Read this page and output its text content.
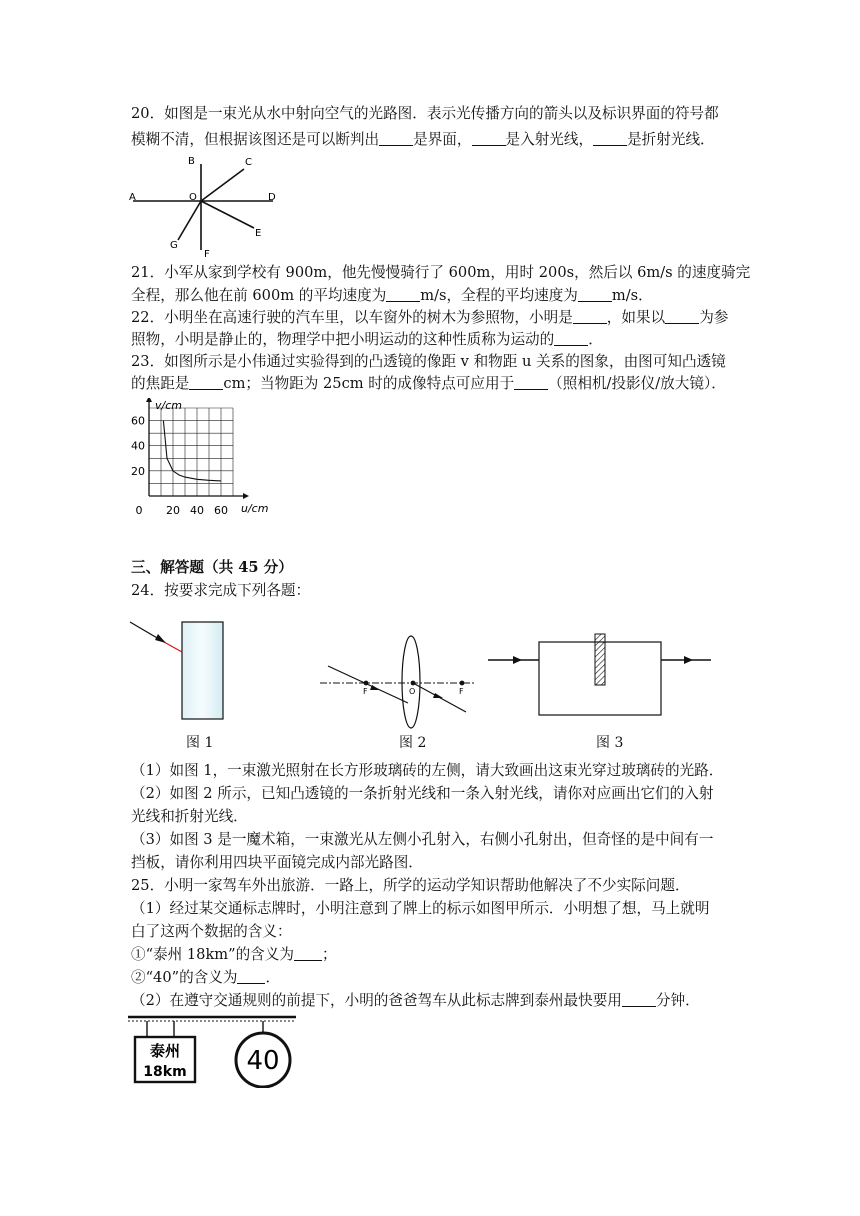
20．如图是一束光从水中射向空气的光路图．表示光传播方向的箭头以及标识界面的符号都
模糊不清，但根据该图还是可以断判出 是界面， 是入射光线， 是折射光线．
A
B	C
D
E
F
G
O
21．小军从家到学校有 900m，他先慢慢骑行了 600m，用时 200s，然后以 6m/s 的速度骑完
全程，那么他在前 600m 的平均速度为 m/s，全程的平均速度为 m/s．
22．小明坐在高速行驶的汽车里，以车窗外的树木为参照物，小明是 ，如果以 为参
照物，小明是静止的，物理学中把小明运动的这种性质称为运动的 ．
23．如图所示是小伟通过实验得到的凸透镜的像距 v 和物距 u 关系的图象，由图可知凸透镜
的焦距是 cm；当物距为 25cm 时的成像特点可应用于 （照相机/投影仪/放大镜）．
v/cm
u/cm
0 20 40 60
20
40
60
三、解答题（共 45 分）
24．按要求完成下列各题：
图 1
F	O	F
图 2	图 3
（1）如图 1，一束激光照射在长方形玻璃砖的左侧，请大致画出这束光穿过玻璃砖的光路．
（2）如图 2 所示，已知凸透镜的一条折射光线和一条入射光线，请你对应画出它们的入射
光线和折射光线．
（3）如图 3 是一魔术箱，一束激光从左侧小孔射入，右侧小孔射出，但奇怪的是中间有一
挡板，请你利用四块平面镜完成内部光路图．
25．小明一家驾车外出旅游．一路上，所学的运动学知识帮助他解决了不少实际问题．
（1）经过某交通标志牌时，小明注意到了牌上的标示如图甲所示．小明想了想，马上就明
白了这两个数据的含义：
①“泰州 18km”的含义为 ；
②“40”的含义为 ．
（2）在遵守交通规则的前提下，小明的爸爸驾车从此标志牌到泰州最快要用 分钟．
泰州
18km 40
